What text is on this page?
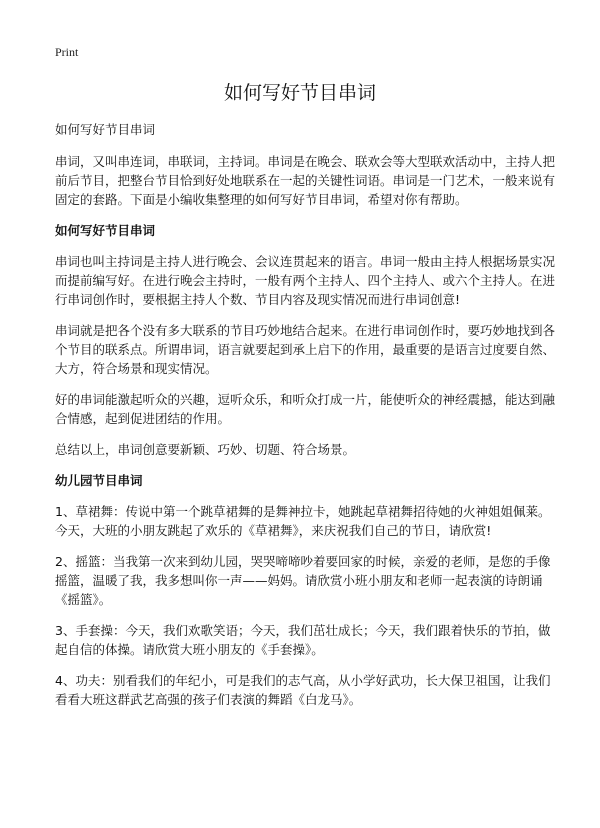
Print
如何写好节目串词

如何写好节目串词

串词，又叫串连词，串联词，主持词。串词是在晚会、联欢会等大型联欢活动中，主持人把前后节目，把整台节目恰到好处地联系在一起的关键性词语。串词是一门艺术，一般来说有固定的套路。下面是小编收集整理的如何写好节目串词，希望对你有帮助。

如何写好节目串词

串词也叫主持词是主持人进行晚会、会议连贯起来的语言。串词一般由主持人根据场景实况而提前编写好。在进行晚会主持时，一般有两个主持人、四个主持人、或六个主持人。在进行串词创作时，要根据主持人个数、节目内容及现实情况而进行串词创意!

串词就是把各个没有多大联系的节目巧妙地结合起来。在进行串词创作时，要巧妙地找到各个节目的联系点。所谓串词，语言就要起到承上启下的作用，最重要的是语言过度要自然、大方，符合场景和现实情况。

好的串词能激起听众的兴趣，逗听众乐，和听众打成一片，能使听众的神经震撼，能达到融合情感，起到促进团结的作用。

总结以上，串词创意要新颖、巧妙、切题、符合场景。

幼儿园节目串词

1、草裙舞：传说中第一个跳草裙舞的是舞神拉卡，她跳起草裙舞招待她的火神姐姐佩莱。今天，大班的小朋友跳起了欢乐的《草裙舞》，来庆祝我们自己的节日，请欣赏!

2、摇篮：当我第一次来到幼儿园，哭哭啼啼吵着要回家的时候，亲爱的老师，是您的手像摇篮，温暖了我，我多想叫你一声——妈妈。请欣赏小班小朋友和老师一起表演的诗朗诵《摇篮》。

3、手套操：今天，我们欢歌笑语；今天，我们茁壮成长；今天，我们跟着快乐的节拍，做起自信的体操。请欣赏大班小朋友的《手套操》。

4、功夫：别看我们的年纪小，可是我们的志气高，从小学好武功，长大保卫祖国，让我们看看大班这群武艺高强的孩子们表演的舞蹈《白龙马》。
